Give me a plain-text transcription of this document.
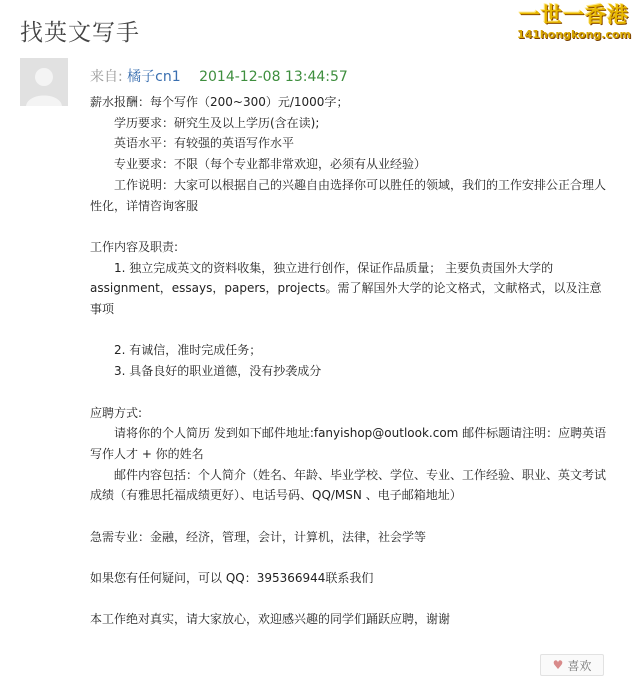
找英文写手
一世一香港
141hongkong.com
来自: 橘子cn1 2014-12-08 13:44:57

薪水报酬：每个写作（200~300）元/1000字；

学历要求：研究生及以上学历(含在读);

英语水平：有较强的英语写作水平

专业要求：不限（每个专业都非常欢迎，必须有从业经验）

工作说明：大家可以根据自己的兴趣自由选择你可以胜任的领域，我们的工作安排公正合理人性化，详情咨询客服

工作内容及职责:

1. 独立完成英文的资料收集，独立进行创作，保证作品质量； 主要负责国外大学的assignment，essays，papers，projects。需了解国外大学的论文格式，文献格式，以及注意事项

2. 有诚信，准时完成任务；

3. 具备良好的职业道德，没有抄袭成分

应聘方式:

请将你的个人简历 发到如下邮件地址:fanyishop@outlook.com 邮件标题请注明：应聘英语写作人才 + 你的姓名

邮件内容包括：个人简介（姓名、年龄、毕业学校、学位、专业、工作经验、职业、英文考试成绩（有雅思托福成绩更好）、电话号码、QQ/MSN 、电子邮箱地址）

急需专业：金融，经济，管理，会计，计算机，法律，社会学等

如果您有任何疑问，可以 QQ：395366944联系我们

本工作绝对真实，请大家放心，欢迎感兴趣的同学们踊跃应聘，谢谢

♥ 喜欢
